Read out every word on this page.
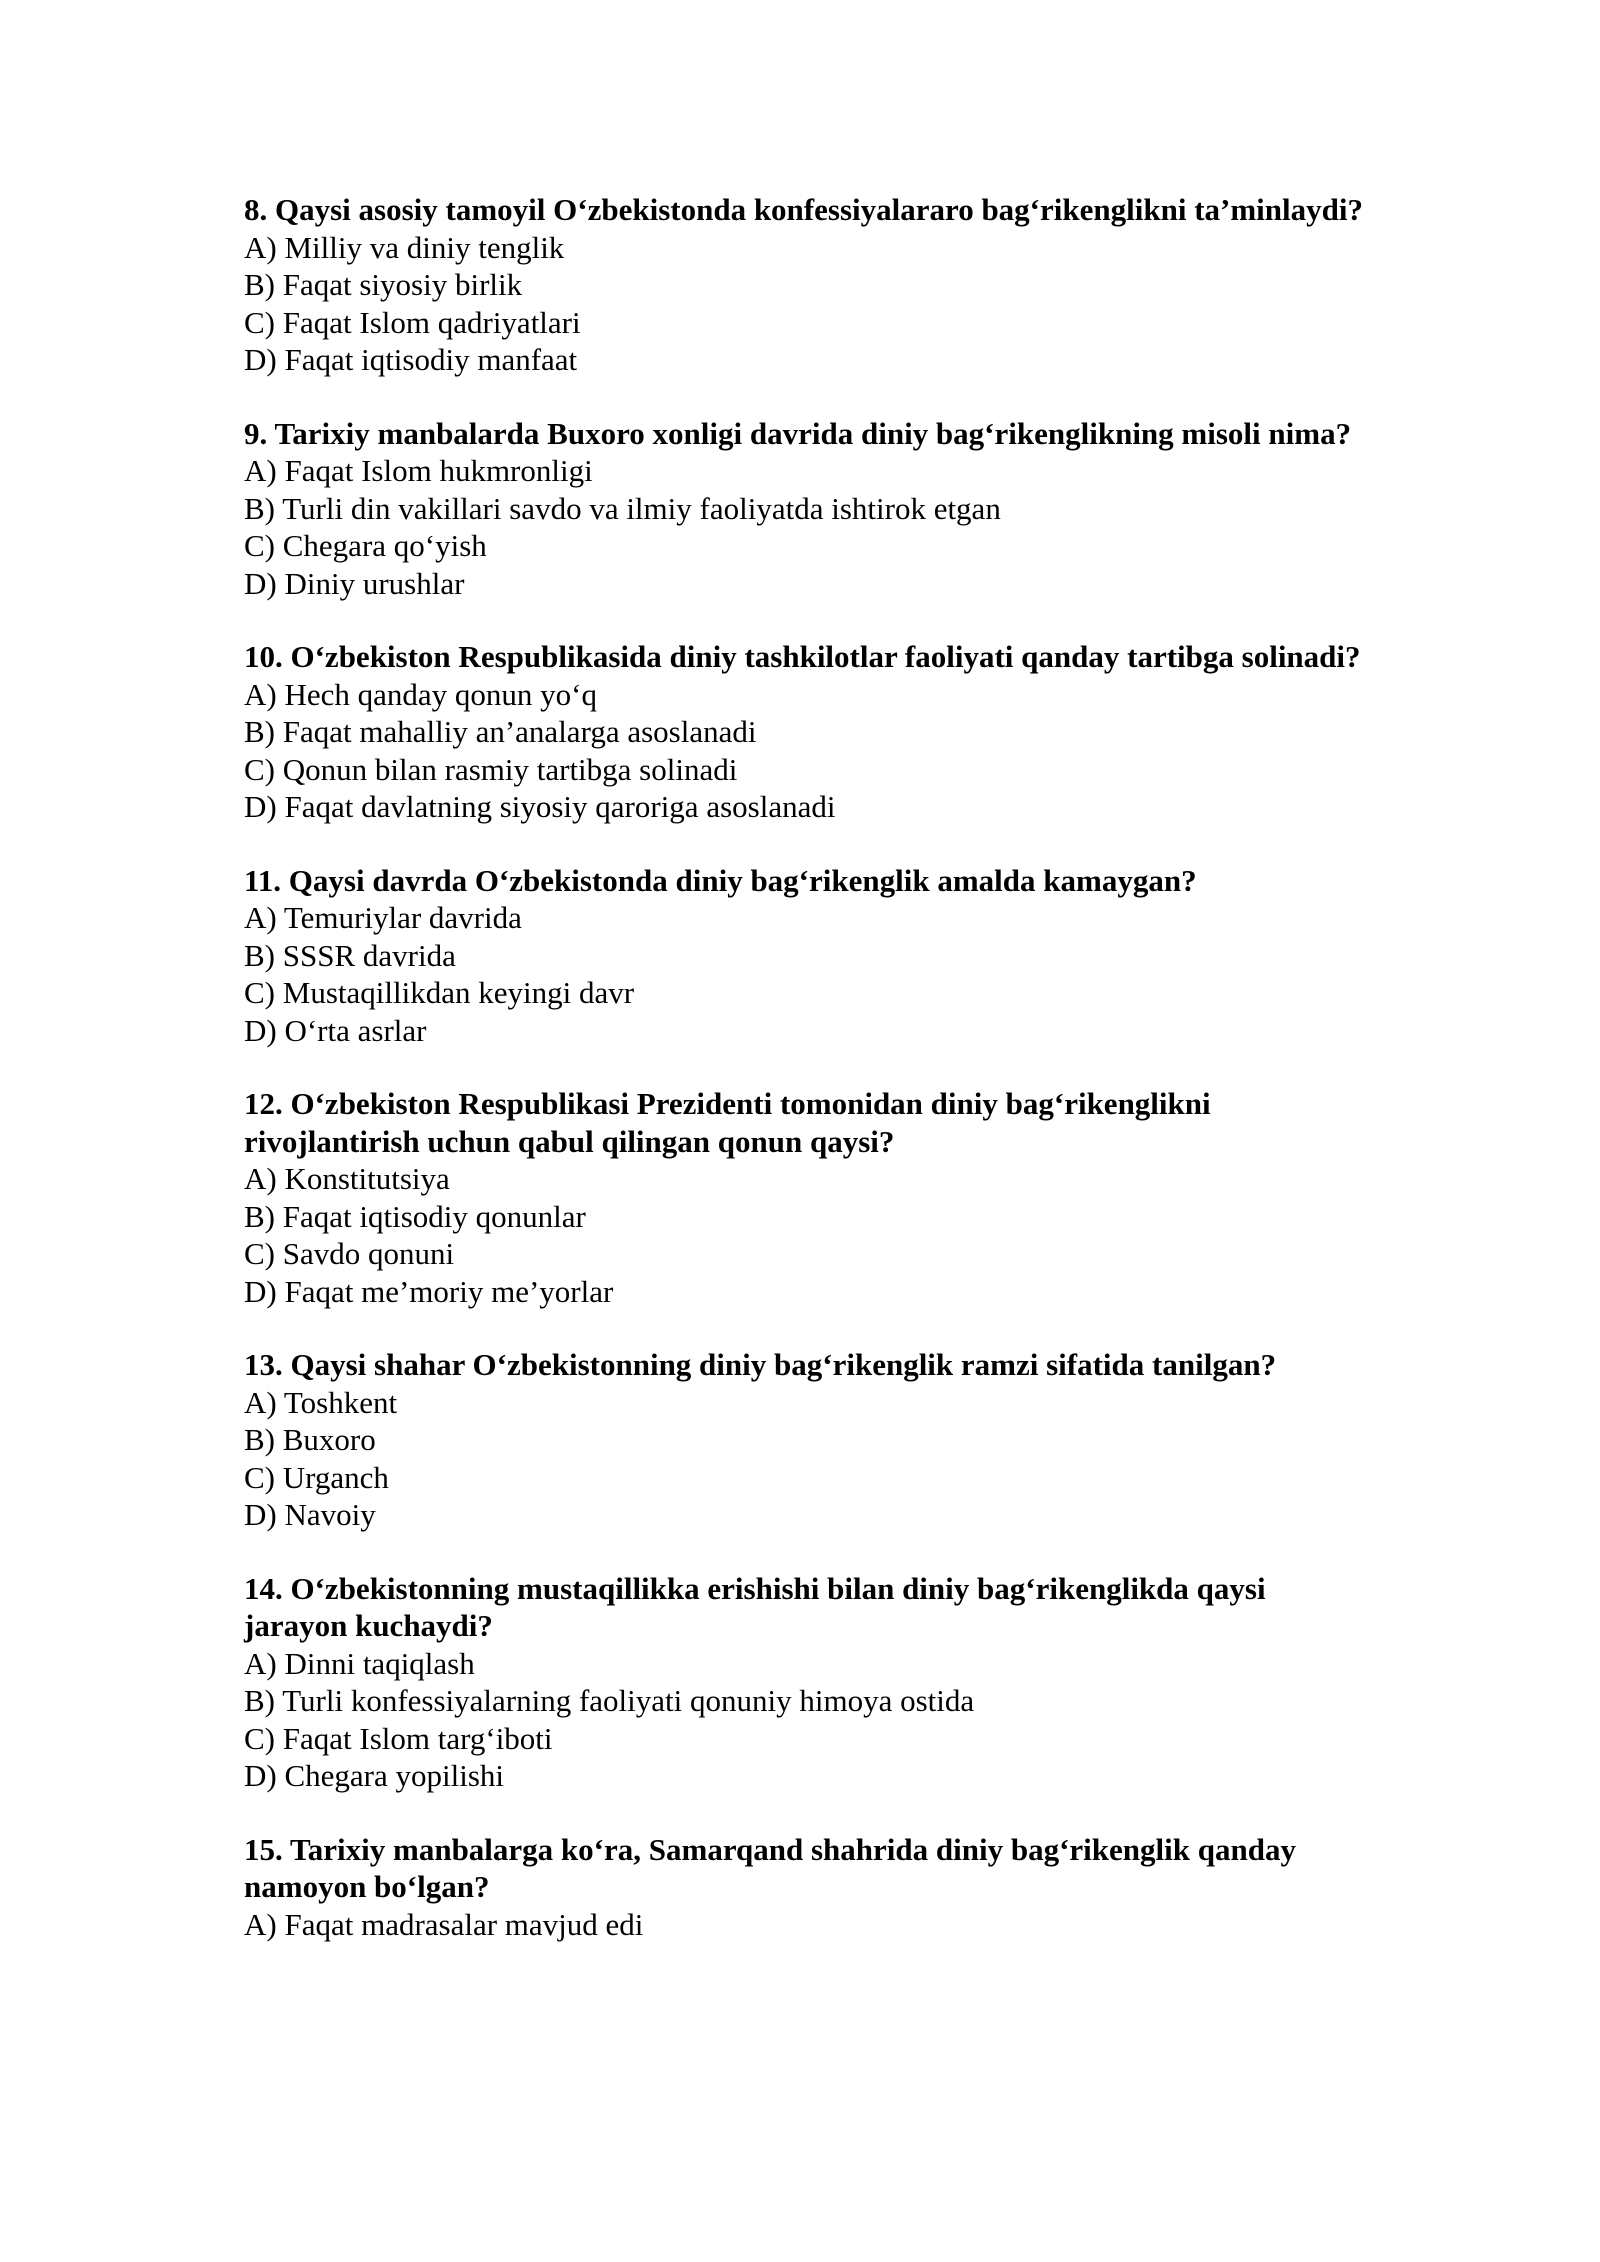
8. Qaysi asosiy tamoyil O‘zbekistonda konfessiyalararo bag‘rikenglikni ta’minlaydi?

A) Milliy va diniy tenglik

B) Faqat siyosiy birlik

C) Faqat Islom qadriyatlari

D) Faqat iqtisodiy manfaat

9. Tarixiy manbalarda Buxoro xonligi davrida diniy bag‘rikenglikning misoli nima?

A) Faqat Islom hukmronligi

B) Turli din vakillari savdo va ilmiy faoliyatda ishtirok etgan

C) Chegara qo‘yish

D) Diniy urushlar

10. O‘zbekiston Respublikasida diniy tashkilotlar faoliyati qanday tartibga solinadi?

A) Hech qanday qonun yo‘q

B) Faqat mahalliy an’analarga asoslanadi

C) Qonun bilan rasmiy tartibga solinadi

D) Faqat davlatning siyosiy qaroriga asoslanadi

11. Qaysi davrda O‘zbekistonda diniy bag‘rikenglik amalda kamaygan?

A) Temuriylar davrida

B) SSSR davrida

C) Mustaqillikdan keyingi davr

D) O‘rta asrlar

12. O‘zbekiston Respublikasi Prezidenti tomonidan diniy bag‘rikenglikni rivojlantirish uchun qabul qilingan qonun qaysi?

A) Konstitutsiya

B) Faqat iqtisodiy qonunlar

C) Savdo qonuni

D) Faqat me’moriy me’yorlar

13. Qaysi shahar O‘zbekistonning diniy bag‘rikenglik ramzi sifatida tanilgan?

A) Toshkent

B) Buxoro

C) Urganch

D) Navoiy

14. O‘zbekistonning mustaqillikka erishishi bilan diniy bag‘rikenglikda qaysi jarayon kuchaydi?

A) Dinni taqiqlash

B) Turli konfessiyalarning faoliyati qonuniy himoya ostida

C) Faqat Islom targ‘iboti

D) Chegara yopilishi

15. Tarixiy manbalarga ko‘ra, Samarqand shahrida diniy bag‘rikenglik qanday namoyon bo‘lgan?

A) Faqat madrasalar mavjud edi
